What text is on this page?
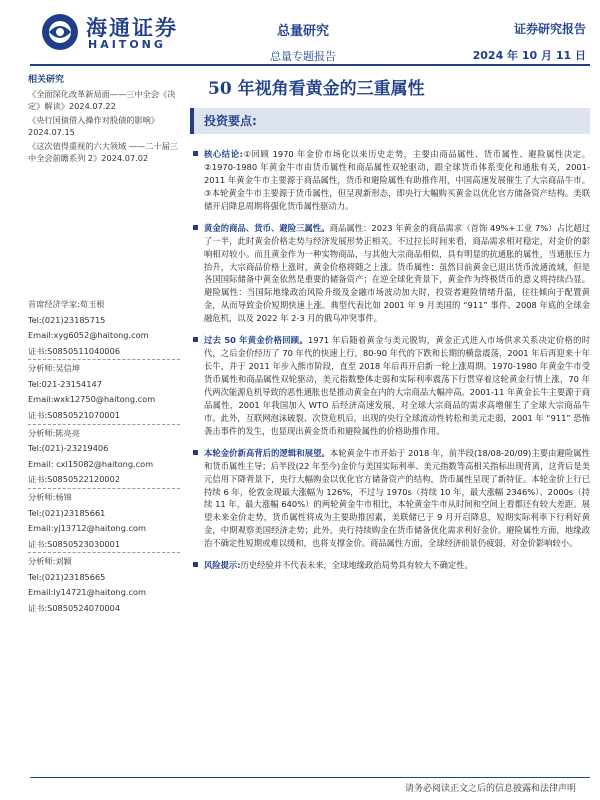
海通证券
HAITONG
总量研究
总量专题报告
证券研究报告
2024 年 10 月 11 日
相关研究
《全面深化改革新局面——三中全会《决定》解读》2024.07.22
《央行国债借入操作对股债的影响》2024.07.15
《这次值得重视的六大领域 ——二十届三中全会前瞻系列 2》2024.07.02
首席经济学家:荀玉根
Tel:(021)23185715
Email:xyg6052@haitong.com
证书:S0850511040006
分析师:吴信坤
Tel:021-23154147
Email:wxk12750@haitong.com
证书:S0850521070001
分析师:陈亮亮
Tel:(021)-23219406
Email: cxl15082@haitong.com
证书:S0850522120002
分析师:杨锦
Tel:(021)23185661
Email:yj13712@haitong.com
证书:S0850523030001
分析师:刘颖
Tel:(021)23185665
Email:ly14721@haitong.com
证书:S0850524070004
50 年视角看黄金的三重属性
投资要点:
核心结论:①回顾 1970 年金价市场化以来历史走势，主要由商品属性、货币属性、避险属性决定。②1970-1980 年黄金牛市由货币属性和商品属性双轮驱动，跟全球货币体系变化和通胀有关，2001-2011 年黄金牛市主要源于商品属性，货币和避险属性有助推作用，中国高速发展催生了大宗商品牛市。③本轮黄金牛市主要源于货币属性，但呈现新形态，即央行大幅购买黄金以优化官方储备资产结构。美联储开启降息周期将强化货币属性驱动力。
黄金的商品、货币、避险三属性。商品属性：2023 年黄金的商品需求（首饰 49%+工业 7%）占比超过了一半，此时黄金价格走势与经济发展形势正相关。不过拉长时间来看，商品需求相对稳定，对金价的影响相对较小。而且黄金作为一种实物商品，与其他大宗商品相似，具有明显的抗通胀的属性，当通胀压力抬升，大宗商品价格上涨时，黄金价格将随之上涨。货币属性：虽然目前黄金已退出货币流通流域，但是各国国际储备中黄金依然是重要的储备资产；在逆全球化背景下，黄金作为终极货币的意义将持续凸显。避险属性：当国际地缘政治风险升级及金融市场波动加大时，投资者避险情绪升温，往往倾向于配置黄金，从而导致金价短期快速上涨。典型代表比如 2001 年 9 月美国的 “911” 事件、2008 年底的全球金融危机，以及 2022 年 2-3 月的俄乌冲突事件。
过去 50 年黄金价格回顾。1971 年后随着黄金与美元脱钩，黄金正式进入市场供求关系决定价格的时代，之后金价经历了 70 年代的快速上行，80-90 年代的下跌和长期的横盘震荡，2001 年后再迎来十年长牛，并于 2011 年步入熊市阶段，直至 2018 年后再开启新一轮上涨周期。1970-1980 年黄金牛市受货币属性和商品属性双轮驱动，美元指数整体走弱和实际利率震荡下行贯穿着这轮黄金行情上涨，70 年代两次能源危机导致的恶性通胀也是推动黄金在内的大宗商品大幅冲高。2001-11 年黄金长牛主要源于商品属性，2001 年我国加入 WTO 后经济高速发展，对全球大宗商品的需求高增催生了全球大宗商品牛市。此外，互联网泡沫破裂、次贷危机后，出现的央行全球流动性转松和美元走弱，2001 年 “911” 恐怖袭击事件的发生，也显现出黄金货币和避险属性的价格助推作用。
本轮金价新高背后的逻辑和展望。本轮黄金牛市开始于 2018 年，前半段(18/08-20/09)主要由避险属性和货币属性主导；后半段(22 年至今)金价与美国实际利率、美元指数等高相关指标出现背离，这背后是美元信用下降背景下，央行大幅购金以优化官方储备资产的结构，货币属性呈现了新特征。本轮金价上行已持续 6 年，伦敦金现最大涨幅为 126%，不过与 1970s（持续 10 年，最大涨幅 2346%）、2000s（持续 11 年，最大涨幅 640%）的两轮黄金牛市相比，本轮黄金牛市从时间和空间上看都还有较大差距。展望未来金价走势，货币属性将成为主要助推因素，美联储已于 9 月开启降息，短期实际利率下行利好黄金，中期观察美国经济走势；此外，央行持续购金在货币储备优化需求利好金价。避险属性方面，地缘政治不确定性短期或难以缓和，也将支撑金价。商品属性方面，全球经济前景仍疲弱，对金价影响较小。
风险提示:历史经验并不代表未来，全球地缘政治局势具有较大不确定性。
请务必阅读正文之后的信息披露和法律声明
